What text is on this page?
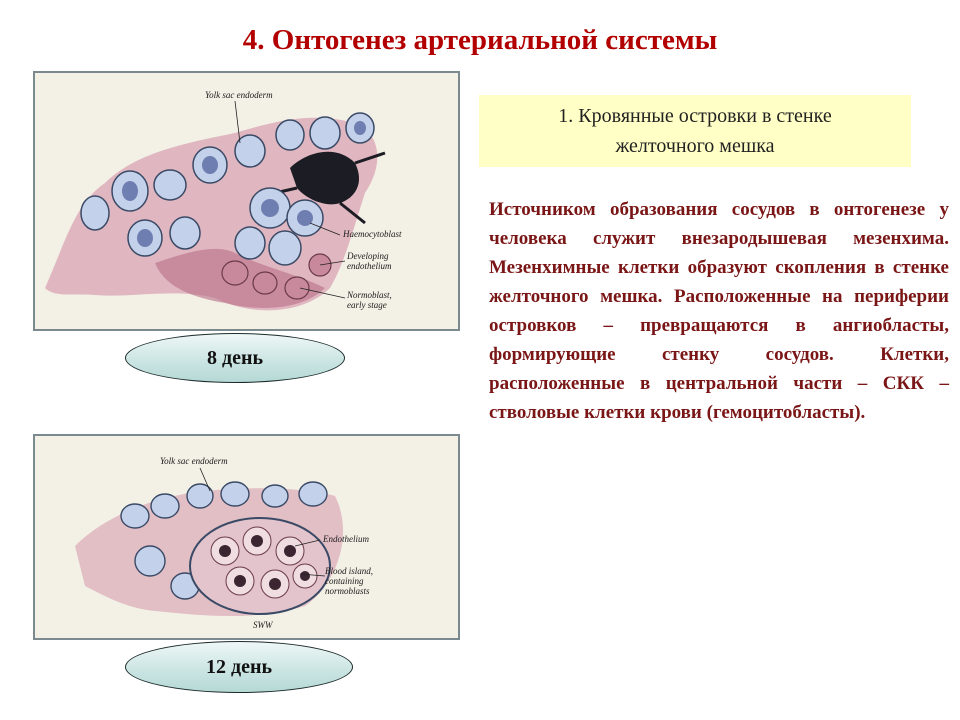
4. Онтогенез артериальной системы
Yolk sac endoderm
Haemocytoblast
Developing
endothelium
Normoblast,
early stage
8 день
Yolk sac endoderm
Endothelium
Blood island,
containing
normoblasts
SWW
12 день
1. Кровянные островки в стенке
желточного мешка
Источником образования сосудов в онтогенезе у человека служит внезародышевая мезенхима. Мезенхимные клетки образуют скопления в стенке желточного мешка. Расположенные на периферии островков – превращаются в ангиобласты, формирующие стенку сосудов. Клетки, расположенные в центральной части – СКК – стволовые клетки крови (гемоцитобласты).
